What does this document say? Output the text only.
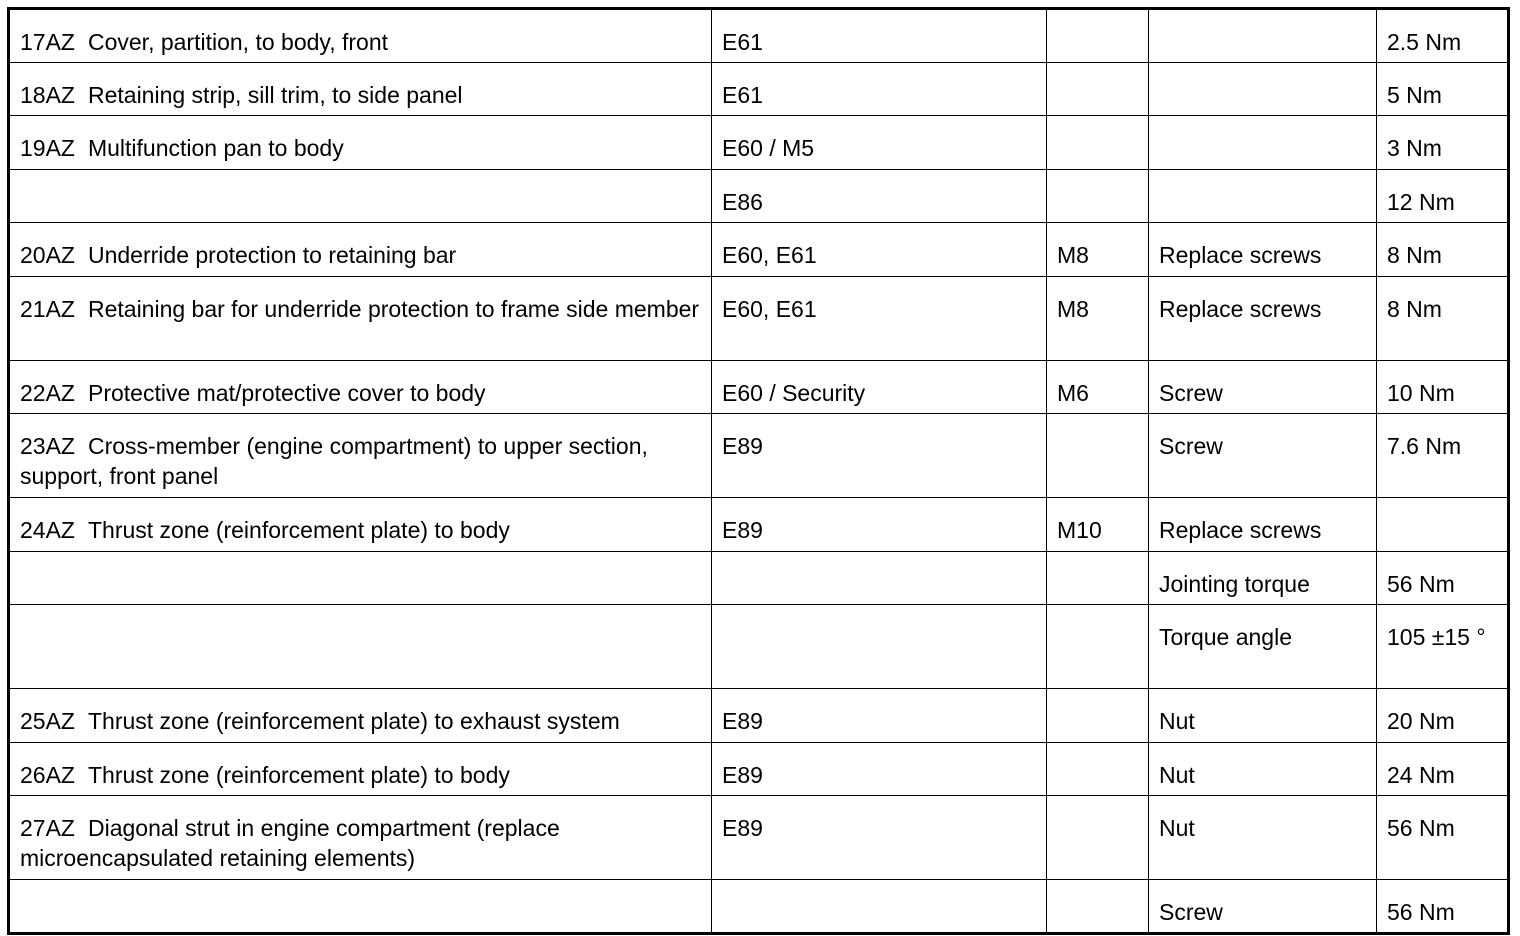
17AZ Cover, partition, to body, front	E61			2.5 Nm
18AZ Retaining strip, sill trim, to side panel	E61			5 Nm
19AZ Multifunction pan to body	E60 / M5			3 Nm
	E86			12 Nm
20AZ Underride protection to retaining bar	E60, E61	M8	Replace screws	8 Nm
21AZ Retaining bar for underride protection to frame side member	E60, E61	M8	Replace screws	8 Nm
22AZ Protective mat/protective cover to body	E60 / Security	M6	Screw	10 Nm
23AZ Cross-member (engine compartment) to upper section, support, front panel	E89		Screw	7.6 Nm
24AZ Thrust zone (reinforcement plate) to body	E89	M10	Replace screws	
			Jointing torque	56 Nm
			Torque angle	105 ±15 °
25AZ Thrust zone (reinforcement plate) to exhaust system	E89		Nut	20 Nm
26AZ Thrust zone (reinforcement plate) to body	E89		Nut	24 Nm
27AZ Diagonal strut in engine compartment (replace microencapsulated retaining elements)	E89		Nut	56 Nm
			Screw	56 Nm
